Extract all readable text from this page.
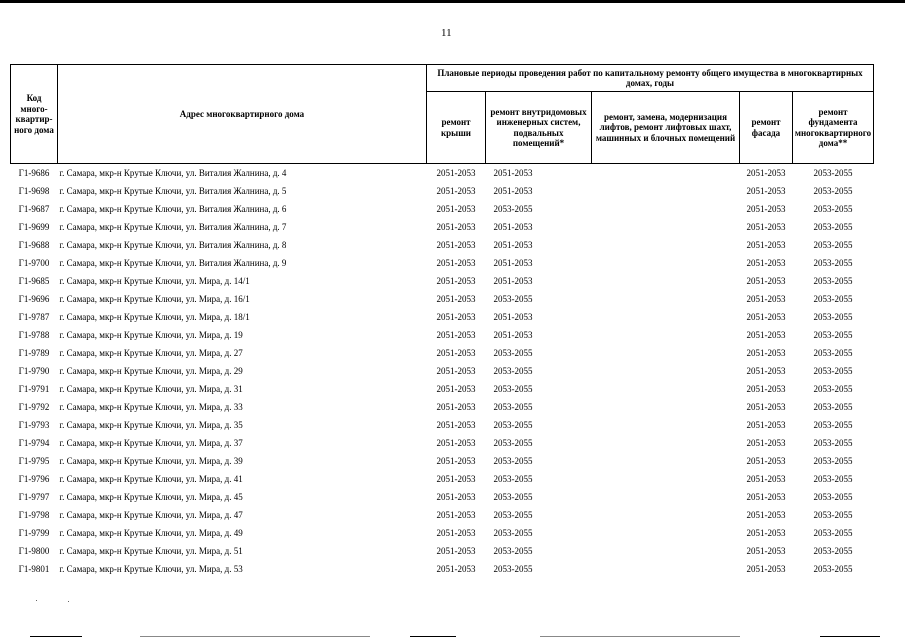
11
Код много-квартир-ного дома	Адрес многоквартирного дома	Плановые периоды проведения работ по капитальному ремонту общего имущества в многоквартирных домах, годы				
		ремонт крыши	ремонт внутридомовых инженерных систем, подвальных помещений*	ремонт, замена, модернизация лифтов, ремонт лифтовых шахт, машинных и блочных помещений	ремонт фасада	ремонт фундамента многоквартирного дома**
Г1-9686	г. Самара, мкр-н Крутые Ключи, ул. Виталия Жалнина, д. 4	2051-2053	2051-2053		2051-2053	2053-2055
Г1-9698	г. Самара, мкр-н Крутые Ключи, ул. Виталия Жалнина, д. 5	2051-2053	2051-2053		2051-2053	2053-2055
Г1-9687	г. Самара, мкр-н Крутые Ключи, ул. Виталия Жалнина, д. 6	2051-2053	2053-2055		2051-2053	2053-2055
Г1-9699	г. Самара, мкр-н Крутые Ключи, ул. Виталия Жалнина, д. 7	2051-2053	2051-2053		2051-2053	2053-2055
Г1-9688	г. Самара, мкр-н Крутые Ключи, ул. Виталия Жалнина, д. 8	2051-2053	2051-2053		2051-2053	2053-2055
Г1-9700	г. Самара, мкр-н Крутые Ключи, ул. Виталия Жалнина, д. 9	2051-2053	2051-2053		2051-2053	2053-2055
Г1-9685	г. Самара, мкр-н Крутые Ключи, ул. Мира, д. 14/1	2051-2053	2051-2053		2051-2053	2053-2055
Г1-9696	г. Самара, мкр-н Крутые Ключи, ул. Мира, д. 16/1	2051-2053	2053-2055		2051-2053	2053-2055
Г1-9787	г. Самара, мкр-н Крутые Ключи, ул. Мира, д. 18/1	2051-2053	2051-2053		2051-2053	2053-2055
Г1-9788	г. Самара, мкр-н Крутые Ключи, ул. Мира, д. 19	2051-2053	2051-2053		2051-2053	2053-2055
Г1-9789	г. Самара, мкр-н Крутые Ключи, ул. Мира, д. 27	2051-2053	2053-2055		2051-2053	2053-2055
Г1-9790	г. Самара, мкр-н Крутые Ключи, ул. Мира, д. 29	2051-2053	2053-2055		2051-2053	2053-2055
Г1-9791	г. Самара, мкр-н Крутые Ключи, ул. Мира, д. 31	2051-2053	2053-2055		2051-2053	2053-2055
Г1-9792	г. Самара, мкр-н Крутые Ключи, ул. Мира, д. 33	2051-2053	2053-2055		2051-2053	2053-2055
Г1-9793	г. Самара, мкр-н Крутые Ключи, ул. Мира, д. 35	2051-2053	2053-2055		2051-2053	2053-2055
Г1-9794	г. Самара, мкр-н Крутые Ключи, ул. Мира, д. 37	2051-2053	2053-2055		2051-2053	2053-2055
Г1-9795	г. Самара, мкр-н Крутые Ключи, ул. Мира, д. 39	2051-2053	2053-2055		2051-2053	2053-2055
Г1-9796	г. Самара, мкр-н Крутые Ключи, ул. Мира, д. 41	2051-2053	2053-2055		2051-2053	2053-2055
Г1-9797	г. Самара, мкр-н Крутые Ключи, ул. Мира, д. 45	2051-2053	2053-2055		2051-2053	2053-2055
Г1-9798	г. Самара, мкр-н Крутые Ключи, ул. Мира, д. 47	2051-2053	2053-2055		2051-2053	2053-2055
Г1-9799	г. Самара, мкр-н Крутые Ключи, ул. Мира, д. 49	2051-2053	2053-2055		2051-2053	2053-2055
Г1-9800	г. Самара, мкр-н Крутые Ключи, ул. Мира, д. 51	2051-2053	2053-2055		2051-2053	2053-2055
Г1-9801	г. Самара, мкр-н Крутые Ключи, ул. Мира, д. 53	2051-2053	2053-2055		2051-2053	2053-2055
